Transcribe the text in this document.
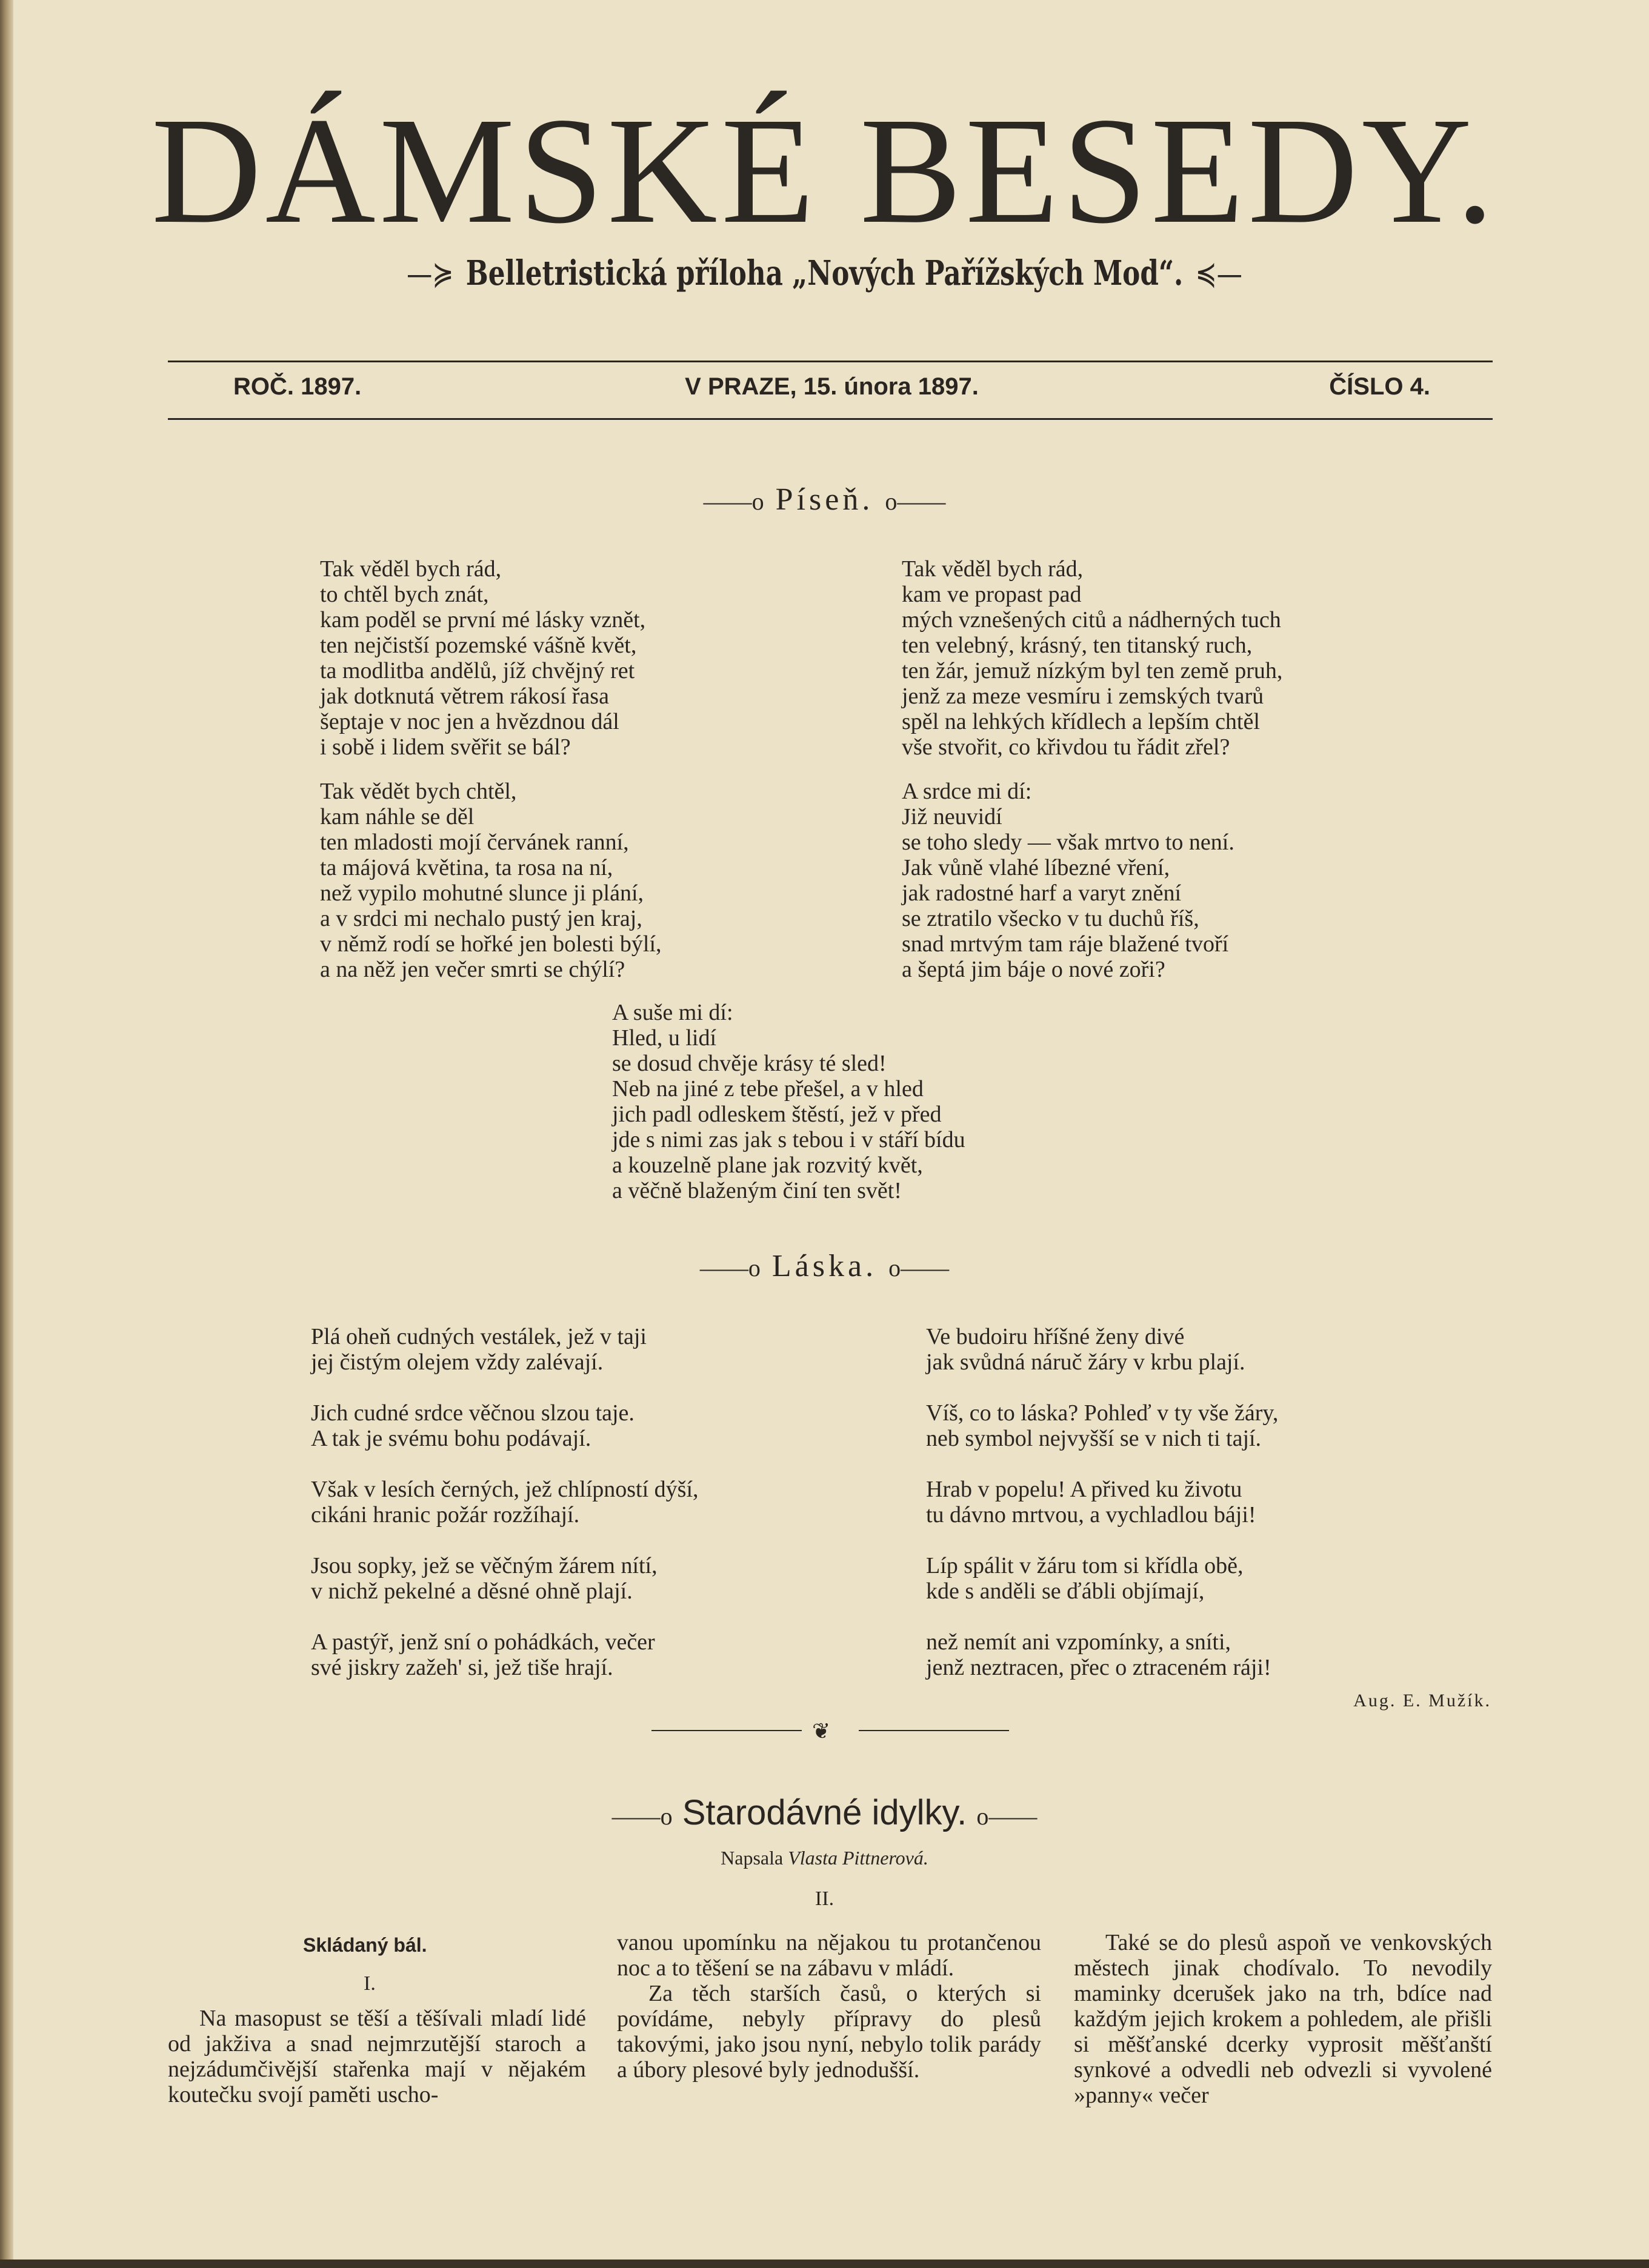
DÁMSKÉ BESEDY.
—≽ Belletristická příloha „Nových Pařížských Mod“. ≼—
ROČ. 1897.	V PRAZE, 15. února 1897.	ČÍSLO 4.
——o Píseň. o——
Tak věděl bych rád,
to chtěl bych znát,
kam poděl se první mé lásky vznět,
ten nejčistší pozemské vášně květ,
ta modlitba andělů, jíž chvějný ret
jak dotknutá větrem rákosí řasa
šeptaje v noc jen a hvězdnou dál
i sobě i lidem svěřit se bál?
Tak vědět bych chtěl,
kam náhle se děl
ten mladosti mojí červánek ranní,
ta májová květina, ta rosa na ní,
než vypilo mohutné slunce ji plání,
a v srdci mi nechalo pustý jen kraj,
v němž rodí se hořké jen bolesti býlí,
a na něž jen večer smrti se chýlí?
Tak věděl bych rád,
kam ve propast pad
mých vznešených citů a nádherných tuch
ten velebný, krásný, ten titanský ruch,
ten žár, jemuž nízkým byl ten země pruh,
jenž za meze vesmíru i zemských tvarů
spěl na lehkých křídlech a lepším chtěl
vše stvořit, co křivdou tu řádit zřel?
A srdce mi dí:
Již neuvidí
se toho sledy — však mrtvo to není.
Jak vůně vlahé líbezné vření,
jak radostné harf a varyt znění
se ztratilo všecko v tu duchů říš,
snad mrtvým tam ráje blažené tvoří
a šeptá jim báje o nové zoři?
A suše mi dí:
Hled, u lidí
se dosud chvěje krásy té sled!
Neb na jiné z tebe přešel, a v hled
jich padl odleskem štěstí, jež v před
jde s nimi zas jak s tebou i v stáří bídu
a kouzelně plane jak rozvitý květ,
a věčně blaženým činí ten svět!
——o Láska. o——
Plá oheň cudných vestálek, jež v taji
jej čistým olejem vždy zalévají.

Jich cudné srdce věčnou slzou taje.
A tak je svému bohu podávají.

Však v lesích černých, jež chlípností dýší,
cikáni hranic požár rozžíhají.

Jsou sopky, jež se věčným žárem nítí,
v nichž pekelné a děsné ohně plají.

A pastýř, jenž sní o pohádkách, večer
své jiskry zažeh' si, jež tiše hrají.
Ve budoiru hříšné ženy divé
jak svůdná náruč žáry v krbu plají.

Víš, co to láska? Pohleď v ty vše žáry,
neb symbol nejvyšší se v nich ti tají.

Hrab v popelu! A přived ku životu
tu dávno mrtvou, a vychladlou báji!

Líp spálit v žáru tom si křídla obě,
kde s anděli se ďábli objímají,

než nemít ani vzpomínky, a sníti,
jenž neztracen, přec o ztraceném ráji!
Aug. E. Mužík.
❦
——o Starodávné idylky. o——
Napsala Vlasta Pittnerová.
II.
Skládaný bál.
I.

Na masopust se těší a těšívali mladí lidé od jakživa a snad nejmrzutější staroch a nejzádumčivější stařenka mají v nějakém koutečku svojí paměti uscho-

vanou upomínku na nějakou tu protančenou noc a to těšení se na zábavu v mládí.

Za těch starších časů, o kterých si povídáme, nebyly přípravy do plesů takovými, jako jsou nyní, nebylo tolik parády a úbory plesové byly jednodušší.

Také se do plesů aspoň ve venkovských městech jinak chodívalo. To nevodily maminky dcerušek jako na trh, bdíce nad každým jejich krokem a pohledem, ale přišli si měšťanské dcerky vyprosit měšťanští synkové a odvedli neb odvezli si vyvolené »panny« večer
